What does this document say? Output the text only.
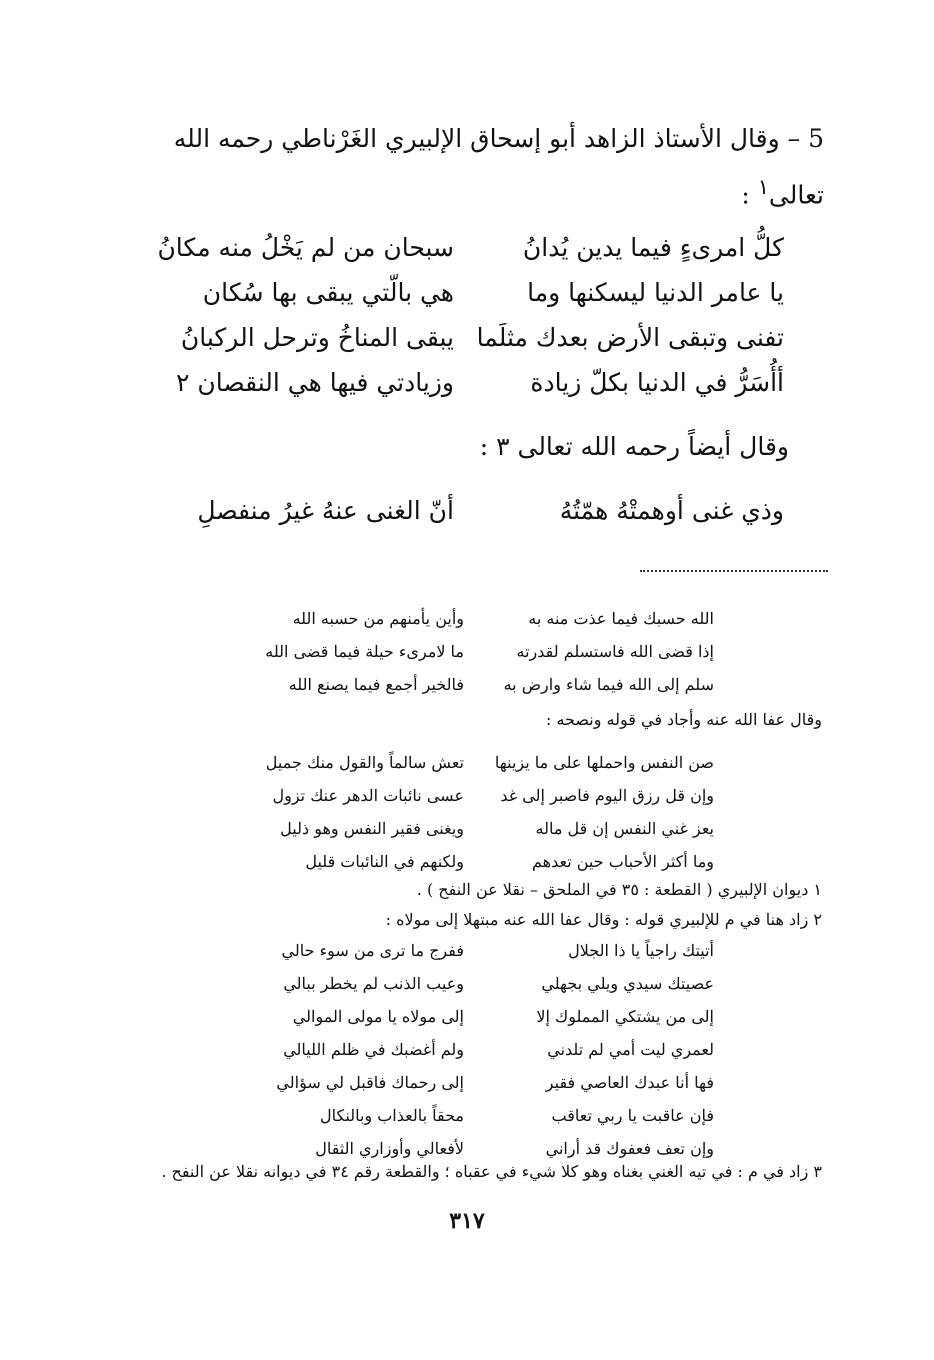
5 – وقال الأستاذ الزاهد أبو إسحاق الإلبيري الغَرْناطي رحمه الله تعالى$^١$ :
كلُّ امرىءٍ فيما يدين يُدانُ
سبحان من لم يَخْلُ منه مكانُ
يا عامر الدنيا ليسكنها وما
هي بالّتي يبقى بها سُكان
تفنى وتبقى الأرض بعدك مثلَما
يبقى المناخُ وترحل الركبانُ
أأُسَرُّ في الدنيا بكلّ زيادة
وزيادتي فيها هي النقصان ٢
وقال أيضاً رحمه الله تعالى ٣ :
وذي غنى أوهمتْهُ همّتُهُ
أنّ الغنى عنهُ غيرُ منفصلِ
الله حسبك فيما عذت منه به
وأين يأمنهم من حسبه الله
إذا قضى الله فاستسلم لقدرته
ما لامرىء حيلة فيما قضى الله
سلم إلى الله فيما شاء وارض به
فالخير أجمع فيما يصنع الله
وقال عفا الله عنه وأجاد في قوله ونصحه :
صن النفس واحملها على ما يزينها
تعش سالماً والقول منك جميل
وإن قل رزق اليوم فاصبر إلى غد
عسى نائبات الدهر عنك تزول
يعز غني النفس إن قل ماله
ويغنى فقير النفس وهو ذليل
وما أكثر الأحباب حين تعدهم
ولكنهم في النائبات قليل
١ ديوان الإلبيري ( القطعة : ٣٥ في الملحق – نقلا عن النفح ) .
٢ زاد هنا في م للإلبيري قوله : وقال عفا الله عنه مبتهلا إلى مولاه :
أتيتك راجياً يا ذا الجلال
ففرج ما ترى من سوء حالي
عصيتك سيدي ويلي بجهلي
وعيب الذنب لم يخطر ببالي
إلى من يشتكي المملوك إلا
إلى مولاه يا مولى الموالي
لعمري ليت أمي لم تلدني
ولم أغضبك في ظلم الليالي
فها أنا عبدك العاصي فقير
إلى رحماك فاقبل لي سؤالي
فإن عاقبت يا ربي تعاقب
محقاً بالعذاب وبالنكال
وإن تعف فعفوك قد أراني
لأفعالي وأوزاري الثقال
٣ زاد في م : في تيه الغني بغناه وهو كلا شيء في عقباه ؛ والقطعة رقم ٣٤ في ديوانه نقلا عن النفح .
٣١٧
